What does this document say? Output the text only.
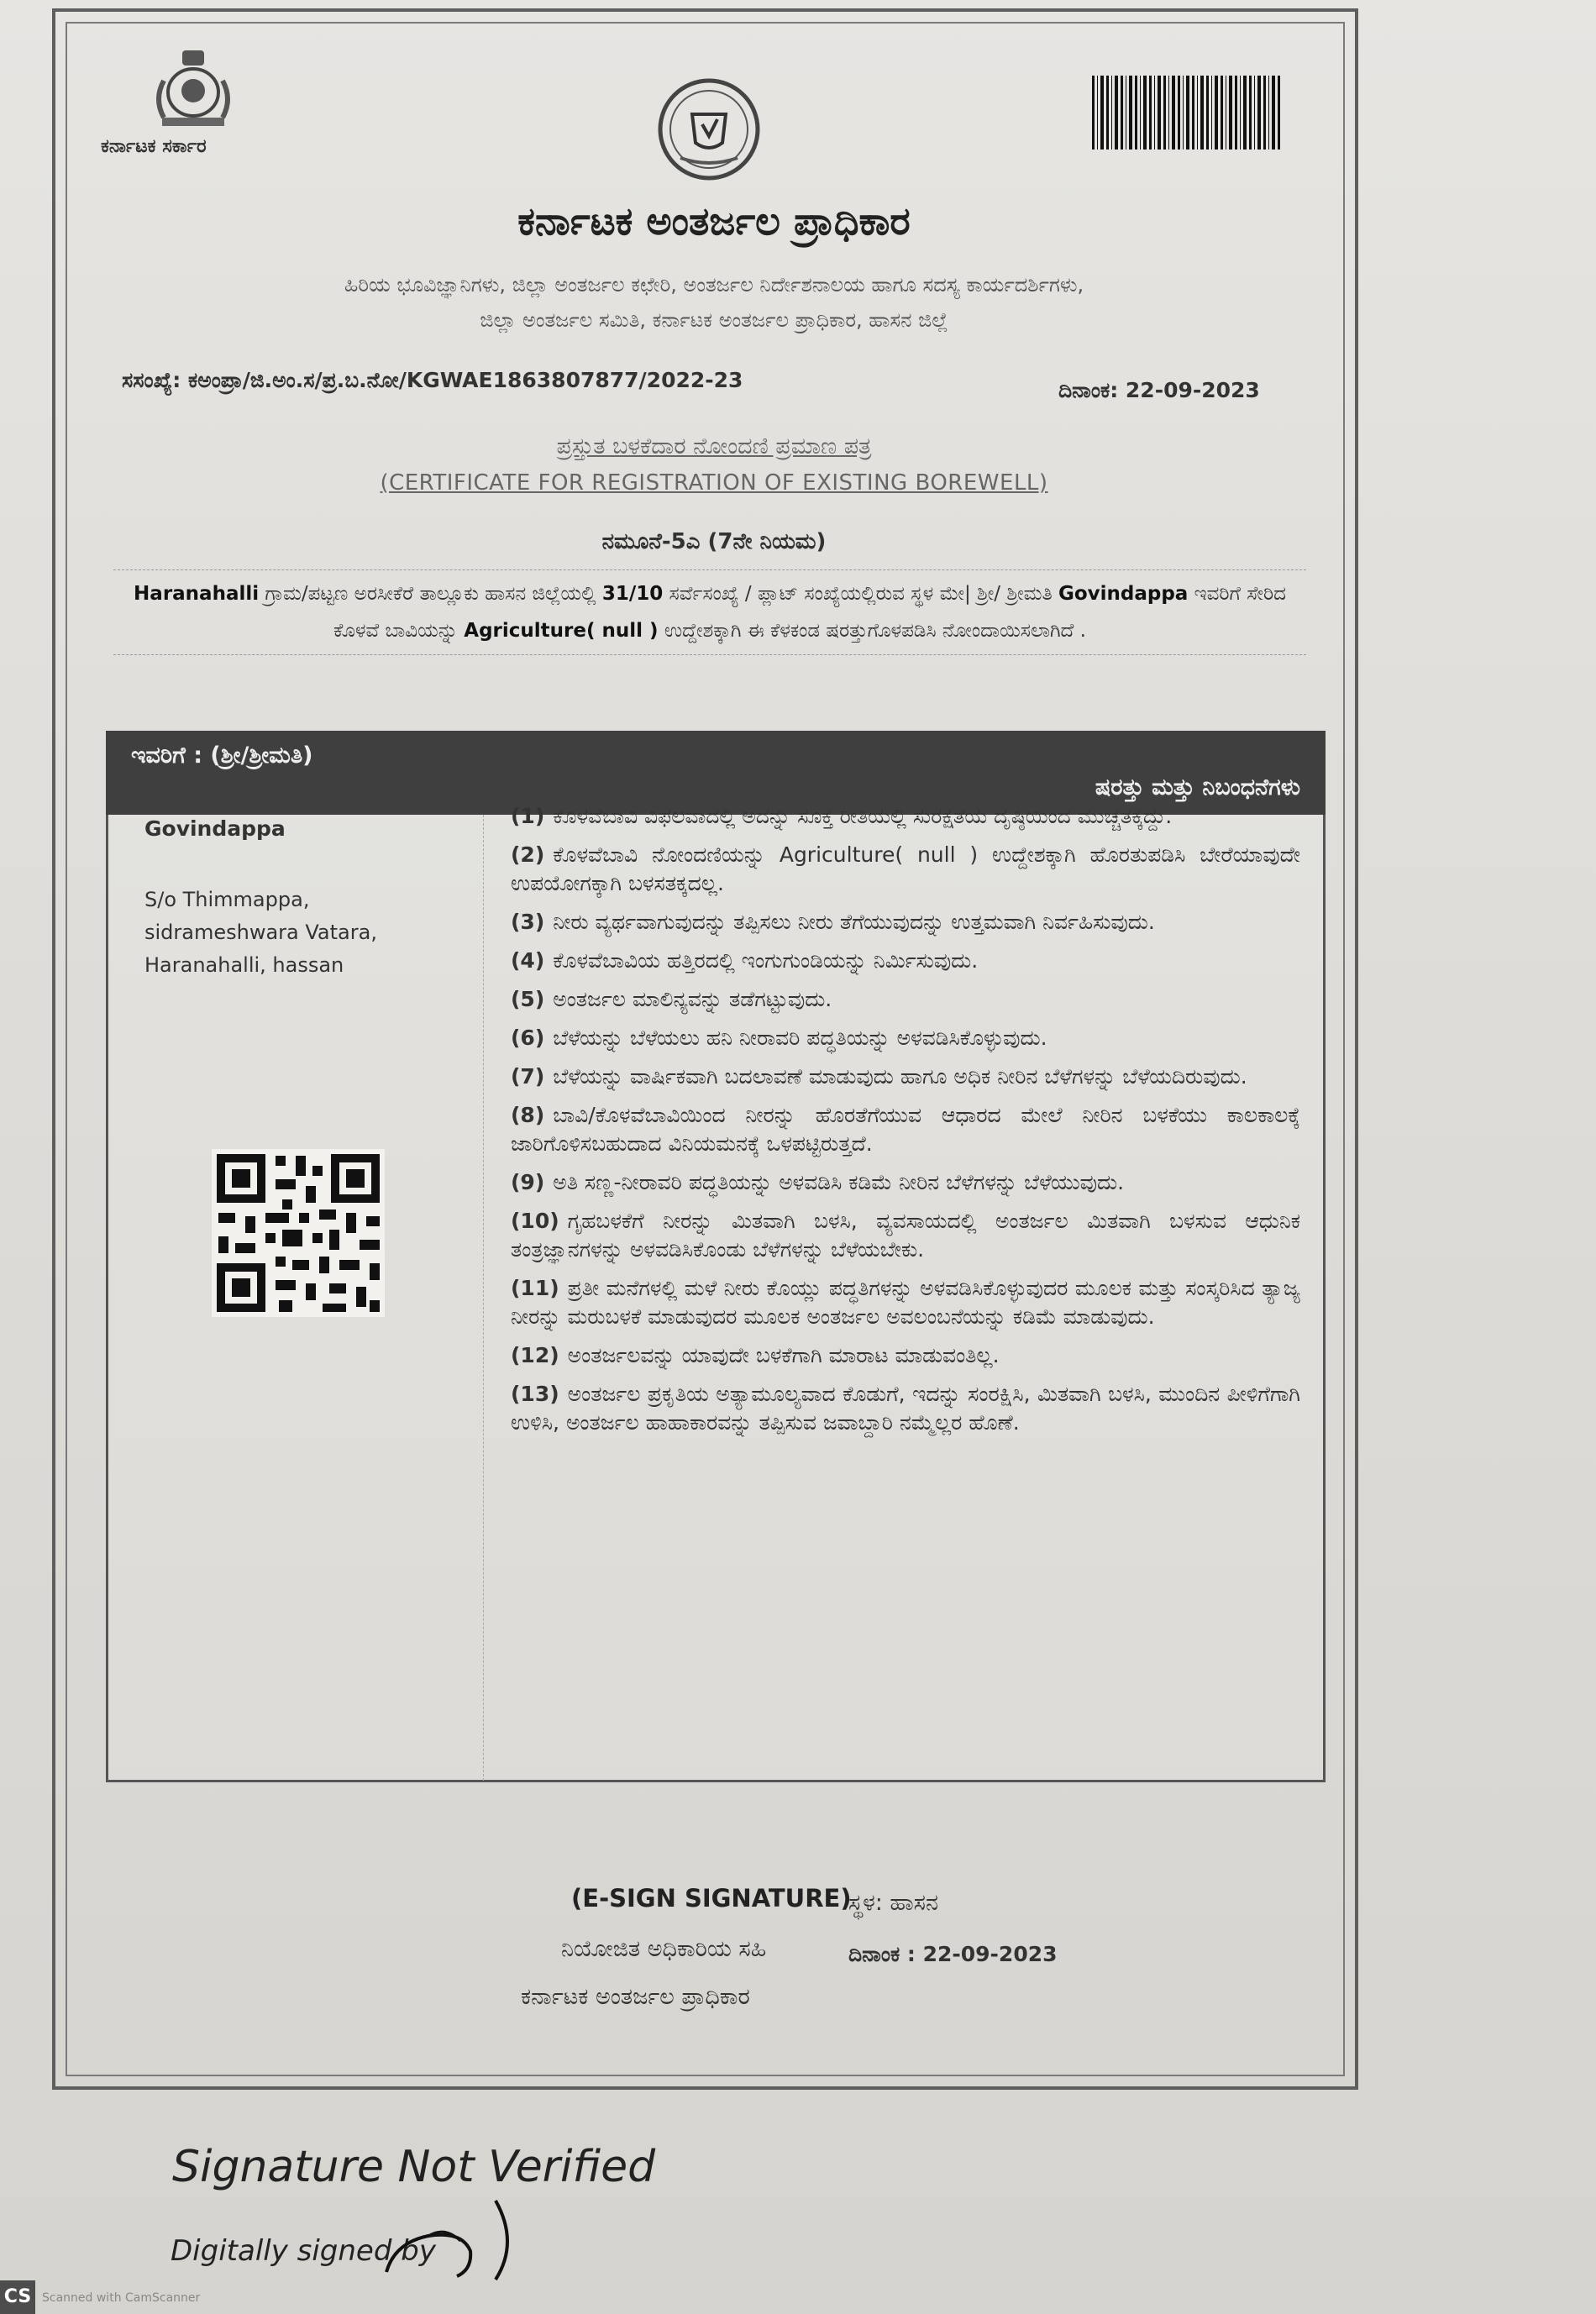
ಕರ್ನಾಟಕ ಸರ್ಕಾರ
ಕರ್ನಾಟಕ ಅಂತರ್ಜಲ ಪ್ರಾಧಿಕಾರ
ಹಿರಿಯ ಭೂವಿಜ್ಞಾನಿಗಳು, ಜಿಲ್ಲಾ ಅಂತರ್ಜಲ ಕಛೇರಿ, ಅಂತರ್ಜಲ ನಿರ್ದೇಶನಾಲಯ ಹಾಗೂ ಸದಸ್ಯ ಕಾರ್ಯದರ್ಶಿಗಳು,
ಜಿಲ್ಲಾ ಅಂತರ್ಜಲ ಸಮಿತಿ, ಕರ್ನಾಟಕ ಅಂತರ್ಜಲ ಪ್ರಾಧಿಕಾರ, ಹಾಸನ ಜಿಲ್ಲೆ
ಸಸಂಖ್ಯೆ: ಕಅಂಪ್ರಾ/ಜಿ.ಅಂ.ಸ/ಪ್ರ.ಬ.ನೋ/KGWAE1863807877/2022-23	ದಿನಾಂಕ: 22-09-2023
ಪ್ರಸ್ತುತ ಬಳಕೆದಾರ ನೋಂದಣಿ ಪ್ರಮಾಣ ಪತ್ರ
(CERTIFICATE FOR REGISTRATION OF EXISTING BOREWELL)
ನಮೂನೆ-5ಎ (7ನೇ ನಿಯಮ)
Haranahalli ಗ್ರಾಮ/ಪಟ್ಟಣ ಅರಸೀಕೆರೆ ತಾಲ್ಲೂಕು ಹಾಸನ ಜಿಲ್ಲೆಯಲ್ಲಿ 31/10 ಸರ್ವೆಸಂಖ್ಯೆ / ಪ್ಲಾಟ್ ಸಂಖ್ಯೆಯಲ್ಲಿರುವ ಸ್ಥಳ ಮೇ| ಶ್ರೀ/ ಶ್ರೀಮತಿ Govindappa ಇವರಿಗೆ ಸೇರಿದ ಕೊಳವೆ ಬಾವಿಯನ್ನು Agriculture( null ) ಉದ್ದೇಶಕ್ಕಾಗಿ ಈ ಕೆಳಕಂಡ ಷರತ್ತುಗೊಳಪಡಿಸಿ ನೋಂದಾಯಿಸಲಾಗಿದೆ .
ಇವರಿಗೆ : (ಶ್ರೀ/ಶ್ರೀಮತಿ)
ಷರತ್ತು ಮತ್ತು ನಿಬಂಧನೆಗಳು
Govindappa
S/o Thimmappa,
sidrameshwara Vatara,
Haranahalli, hassan
(1) ಕೊಳವೆಬಾವಿ ವಿಫಲವಾದಲ್ಲಿ ಅದನ್ನು ಸೂಕ್ತ ರೀತಿಯಲ್ಲಿ ಸುರಕ್ಷತೆಯ ದೃಷ್ಠಿಯಿಂದ ಮುಚ್ಚತಕ್ಕದ್ದು.
(2) ಕೊಳವೆಬಾವಿ ನೋಂದಣಿಯನ್ನು Agriculture( null ) ಉದ್ದೇಶಕ್ಕಾಗಿ ಹೊರತುಪಡಿಸಿ ಬೇರೆಯಾವುದೇ ಉಪಯೋಗಕ್ಕಾಗಿ ಬಳಸತಕ್ಕದಲ್ಲ.
(3) ನೀರು ವ್ಯರ್ಥವಾಗುವುದನ್ನು ತಪ್ಪಿಸಲು ನೀರು ತೆಗೆಯುವುದನ್ನು ಉತ್ತಮವಾಗಿ ನಿರ್ವಹಿಸುವುದು.
(4) ಕೊಳವೆಬಾವಿಯ ಹತ್ತಿರದಲ್ಲಿ ಇಂಗುಗುಂಡಿಯನ್ನು ನಿರ್ಮಿಸುವುದು.
(5) ಅಂತರ್ಜಲ ಮಾಲಿನ್ಯವನ್ನು ತಡೆಗಟ್ಟುವುದು.
(6) ಬೆಳೆಯನ್ನು ಬೆಳೆಯಲು ಹನಿ ನೀರಾವರಿ ಪದ್ಧತಿಯನ್ನು ಅಳವಡಿಸಿಕೊಳ್ಳುವುದು.
(7) ಬೆಳೆಯನ್ನು ವಾರ್ಷಿಕವಾಗಿ ಬದಲಾವಣೆ ಮಾಡುವುದು ಹಾಗೂ ಅಧಿಕ ನೀರಿನ ಬೆಳೆಗಳನ್ನು ಬೆಳೆಯದಿರುವುದು.
(8) ಬಾವಿ/ಕೊಳವೆಬಾವಿಯಿಂದ ನೀರನ್ನು ಹೊರತೆಗೆಯುವ ಆಧಾರದ ಮೇಲೆ ನೀರಿನ ಬಳಕೆಯು ಕಾಲಕಾಲಕ್ಕೆ ಜಾರಿಗೊಳಿಸಬಹುದಾದ ವಿನಿಯಮನಕ್ಕೆ ಒಳಪಟ್ಟಿರುತ್ತದೆ.
(9) ಅತಿ ಸಣ್ಣ-ನೀರಾವರಿ ಪದ್ಧತಿಯನ್ನು ಅಳವಡಿಸಿ ಕಡಿಮೆ ನೀರಿನ ಬೆಳೆಗಳನ್ನು ಬೆಳೆಯುವುದು.
(10) ಗೃಹಬಳಕೆಗೆ ನೀರನ್ನು ಮಿತವಾಗಿ ಬಳಸಿ, ವ್ಯವಸಾಯದಲ್ಲಿ ಅಂತರ್ಜಲ ಮಿತವಾಗಿ ಬಳಸುವ ಆಧುನಿಕ ತಂತ್ರಜ್ಞಾನಗಳನ್ನು ಅಳವಡಿಸಿಕೊಂಡು ಬೆಳೆಗಳನ್ನು ಬೆಳೆಯಬೇಕು.
(11) ಪ್ರತೀ ಮನೆಗಳಲ್ಲಿ ಮಳೆ ನೀರು ಕೊಯ್ಲು ಪದ್ಧತಿಗಳನ್ನು ಅಳವಡಿಸಿಕೊಳ್ಳುವುದರ ಮೂಲಕ ಮತ್ತು ಸಂಸ್ಕರಿಸಿದ ತ್ಯಾಜ್ಯ ನೀರನ್ನು ಮರುಬಳಕೆ ಮಾಡುವುದರ ಮೂಲಕ ಅಂತರ್ಜಲ ಅವಲಂಬನೆಯನ್ನು ಕಡಿಮೆ ಮಾಡುವುದು.
(12) ಅಂತರ್ಜಲವನ್ನು ಯಾವುದೇ ಬಳಕೆಗಾಗಿ ಮಾರಾಟ ಮಾಡುವಂತಿಲ್ಲ.
(13) ಅಂತರ್ಜಲ ಪ್ರಕೃತಿಯ ಅತ್ಯಾಮೂಲ್ಯವಾದ ಕೊಡುಗೆ, ಇದನ್ನು ಸಂರಕ್ಷಿಸಿ, ಮಿತವಾಗಿ ಬಳಸಿ, ಮುಂದಿನ ಪೀಳಿಗೆಗಾಗಿ ಉಳಿಸಿ, ಅಂತರ್ಜಲ ಹಾಹಾಕಾರವನ್ನು ತಪ್ಪಿಸುವ ಜವಾಬ್ದಾರಿ ನಮ್ಮೆಲ್ಲರ ಹೊಣೆ.
(E-SIGN SIGNATURE)
ಸ್ಥಳ: ಹಾಸನ
ನಿಯೋಜಿತ ಅಧಿಕಾರಿಯ ಸಹಿ	ದಿನಾಂಕ : 22-09-2023
ಕರ್ನಾಟಕ ಅಂತರ್ಜಲ ಪ್ರಾಧಿಕಾರ
Signature Not Verified
Digitally signed by
CS Scanned with CamScanner
